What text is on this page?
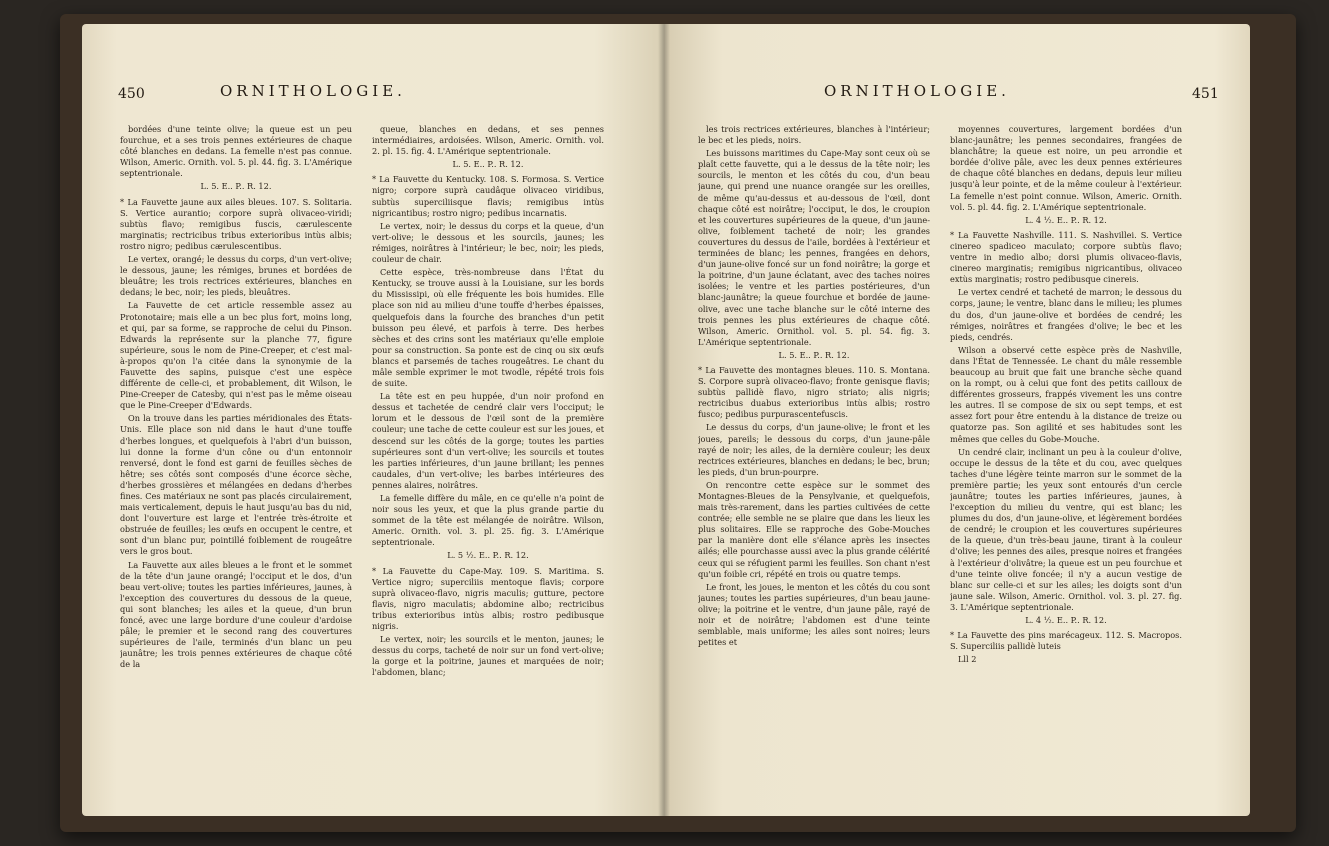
450	ORNITHOLOGIE.

bordées d'une teinte olive; la queue est un peu fourchue, et a ses trois pennes extérieures de chaque côté blanches en dedans. La femelle n'est pas connue. Wilson, Americ. Ornith. vol. 5. pl. 44. fig. 3. L'Amérique septentrionale.

L. 5. E.. P.. R. 12.

* La Fauvette jaune aux ailes bleues. 107. S. Solitaria. S. Vertice aurantio; corpore suprà olivaceo-viridi; subtùs flavo; remigibus fuscis, cærulescente marginatis; rectricibus tribus exterioribus intùs albis; rostro nigro; pedibus cærulescentibus.

Le vertex, orangé; le dessus du corps, d'un vert-olive; le dessous, jaune; les rémiges, brunes et bordées de bleuâtre; les trois rectrices extérieures, blanches en dedans; le bec, noir; les pieds, bleuâtres.

La Fauvette de cet article ressemble assez au Protonotaire; mais elle a un bec plus fort, moins long, et qui, par sa forme, se rapproche de celui du Pinson. Edwards la représente sur la planche 77, figure supérieure, sous le nom de Pine-Creeper, et c'est mal-à-propos qu'on l'a citée dans la synonymie de la Fauvette des sapins, puisque c'est une espèce différente de celle-ci, et probablement, dit Wilson, le Pine-Creeper de Catesby, qui n'est pas le même oiseau que le Pine-Creeper d'Edwards.

On la trouve dans les parties méridionales des États-Unis. Elle place son nid dans le haut d'une touffe d'herbes longues, et quelquefois à l'abri d'un buisson, lui donne la forme d'un cône ou d'un entonnoir renversé, dont le fond est garni de feuilles sèches de hêtre; ses côtés sont composés d'une écorce sèche, d'herbes grossières et mélangées en dedans d'herbes fines. Ces matériaux ne sont pas placés circulairement, mais verticalement, depuis le haut jusqu'au bas du nid, dont l'ouverture est large et l'entrée très-étroite et obstruée de feuilles; les œufs en occupent le centre, et sont d'un blanc pur, pointillé foiblement de rougeâtre vers le gros bout.

La Fauvette aux ailes bleues a le front et le sommet de la tête d'un jaune orangé; l'occiput et le dos, d'un beau vert-olive; toutes les parties inférieures, jaunes, à l'exception des couvertures du dessous de la queue, qui sont blanches; les ailes et la queue, d'un brun foncé, avec une large bordure d'une couleur d'ardoise pâle; le premier et le second rang des couvertures supérieures de l'aile, terminés d'un blanc un peu jaunâtre; les trois pennes extérieures de chaque côté de la

queue, blanches en dedans, et ses pennes intermédiaires, ardoisées. Wilson, Americ. Ornith. vol. 2. pl. 15. fig. 4. L'Amérique septentrionale.

L. 5. E.. P.. R. 12.

* La Fauvette du Kentucky. 108. S. Formosa. S. Vertice nigro; corpore suprà caudâque olivaceo viridibus, subtùs superciliisque flavis; remigibus intùs nigricantibus; rostro nigro; pedibus incarnatis.

Le vertex, noir; le dessus du corps et la queue, d'un vert-olive; le dessous et les sourcils, jaunes; les rémiges, noirâtres à l'intérieur; le bec, noir; les pieds, couleur de chair.

Cette espèce, très-nombreuse dans l'État du Kentucky, se trouve aussi à la Louisiane, sur les bords du Mississipi, où elle fréquente les bois humides. Elle place son nid au milieu d'une touffe d'herbes épaisses, quelquefois dans la fourche des branches d'un petit buisson peu élevé, et parfois à terre. Des herbes sèches et des crins sont les matériaux qu'elle emploie pour sa construction. Sa ponte est de cinq ou six œufs blancs et parsemés de taches rougeâtres. Le chant du mâle semble exprimer le mot twodle, répété trois fois de suite.

La tête est en peu huppée, d'un noir profond en dessus et tachetée de cendré clair vers l'occiput; le lorum et le dessous de l'œil sont de la première couleur; une tache de cette couleur est sur les joues, et descend sur les côtés de la gorge; toutes les parties supérieures sont d'un vert-olive; les sourcils et toutes les parties inférieures, d'un jaune brillant; les pennes caudales, d'un vert-olive; les barbes intérieures des pennes alaires, noirâtres.

La femelle diffère du mâle, en ce qu'elle n'a point de noir sous les yeux, et que la plus grande partie du sommet de la tête est mélangée de noirâtre. Wilson, Americ. Ornith. vol. 3. pl. 25. fig. 3. L'Amérique septentrionale.

L. 5 ½. E.. P.. R. 12.

* La Fauvette du Cape-May. 109. S. Maritima. S. Vertice nigro; superciliis mentoque flavis; corpore suprà olivaceo-flavo, nigris maculis; gutture, pectore flavis, nigro maculatis; abdomine albo; rectricibus tribus exterioribus intùs albis; rostro pedibusque nigris.

Le vertex, noir; les sourcils et le menton, jaunes; le dessus du corps, tacheté de noir sur un fond vert-olive; la gorge et la poitrine, jaunes et marquées de noir; l'abdomen, blanc;

ORNITHOLOGIE.	451

les trois rectrices extérieures, blanches à l'intérieur; le bec et les pieds, noirs.

Les buissons maritimes du Cape-May sont ceux où se plaît cette fauvette, qui a le dessus de la tête noir; les sourcils, le menton et les côtés du cou, d'un beau jaune, qui prend une nuance orangée sur les oreilles, de même qu'au-dessus et au-dessous de l'œil, dont chaque côté est noirâtre; l'occiput, le dos, le croupion et les couvertures supérieures de la queue, d'un jaune-olive, foiblement tacheté de noir; les grandes couvertures du dessus de l'aile, bordées à l'extérieur et terminées de blanc; les pennes, frangées en dehors, d'un jaune-olive foncé sur un fond noirâtre; la gorge et la poitrine, d'un jaune éclatant, avec des taches noires isolées; le ventre et les parties postérieures, d'un blanc-jaunâtre; la queue fourchue et bordée de jaune-olive, avec une tache blanche sur le côté interne des trois pennes les plus extérieures de chaque côté. Wilson, Americ. Ornithol. vol. 5. pl. 54. fig. 3. L'Amérique septentrionale.

L. 5. E.. P.. R. 12.

* La Fauvette des montagnes bleues. 110. S. Montana. S. Corpore suprà olivaceo-flavo; fronte genisque flavis; subtùs pallidè flavo, nigro striato; alis nigris; rectricibus duabus exterioribus intùs albis; rostro fusco; pedibus purpurascentefuscis.

Le dessus du corps, d'un jaune-olive; le front et les joues, pareils; le dessous du corps, d'un jaune-pâle rayé de noir; les ailes, de la dernière couleur; les deux rectrices extérieures, blanches en dedans; le bec, brun; les pieds, d'un brun-pourpre.

On rencontre cette espèce sur le sommet des Montagnes-Bleues de la Pensylvanie, et quelquefois, mais très-rarement, dans les parties cultivées de cette contrée; elle semble ne se plaire que dans les lieux les plus solitaires. Elle se rapproche des Gobe-Mouches par la manière dont elle s'élance après les insectes ailés; elle pourchasse aussi avec la plus grande célérité ceux qui se réfugient parmi les feuilles. Son chant n'est qu'un foible cri, répété en trois ou quatre temps.

Le front, les joues, le menton et les côtés du cou sont jaunes; toutes les parties supérieures, d'un beau jaune-olive; la poitrine et le ventre, d'un jaune pâle, rayé de noir et de noirâtre; l'abdomen est d'une teinte semblable, mais uniforme; les ailes sont noires; leurs petites et

moyennes couvertures, largement bordées d'un blanc-jaunâtre; les pennes secondaires, frangées de blanchâtre; la queue est noire, un peu arrondie et bordée d'olive pâle, avec les deux pennes extérieures de chaque côté blanches en dedans, depuis leur milieu jusqu'à leur pointe, et de la même couleur à l'extérieur. La femelle n'est point connue. Wilson, Americ. Ornith. vol. 5. pl. 44. fig. 2. L'Amérique septentrionale.

L. 4 ½. E.. P.. R. 12.

* La Fauvette Nashville. 111. S. Nashvillei. S. Vertice cinereo spadiceo maculato; corpore subtùs flavo; ventre in medio albo; dorsi plumis olivaceo-flavis, cinereo marginatis; remigibus nigricantibus, olivaceo extùs marginatis; rostro pedibusque cinereis.

Le vertex cendré et tacheté de marron; le dessous du corps, jaune; le ventre, blanc dans le milieu; les plumes du dos, d'un jaune-olive et bordées de cendré; les rémiges, noirâtres et frangées d'olive; le bec et les pieds, cendrés.

Wilson a observé cette espèce près de Nashville, dans l'État de Tennessée. Le chant du mâle ressemble beaucoup au bruit que fait une branche sèche quand on la rompt, ou à celui que font des petits cailloux de différentes grosseurs, frappés vivement les uns contre les autres. Il se compose de six ou sept temps, et est assez fort pour être entendu à la distance de treize ou quatorze pas. Son agilité et ses habitudes sont les mêmes que celles du Gobe-Mouche.

Un cendré clair, inclinant un peu à la couleur d'olive, occupe le dessus de la tête et du cou, avec quelques taches d'une légère teinte marron sur le sommet de la première partie; les yeux sont entourés d'un cercle jaunâtre; toutes les parties inférieures, jaunes, à l'exception du milieu du ventre, qui est blanc; les plumes du dos, d'un jaune-olive, et légèrement bordées de cendré; le croupion et les couvertures supérieures de la queue, d'un très-beau jaune, tirant à la couleur d'olive; les pennes des ailes, presque noires et frangées à l'extérieur d'olivâtre; la queue est un peu fourchue et d'une teinte olive foncée; il n'y a aucun vestige de blanc sur celle-ci et sur les ailes; les doigts sont d'un jaune sale. Wilson, Americ. Ornithol. vol. 3. pl. 27. fig. 3. L'Amérique septentrionale.

L. 4 ½. E.. P.. R. 12.

* La Fauvette des pins marécageux. 112. S. Macropos. S. Superciliis pallidè luteis

Lll 2
